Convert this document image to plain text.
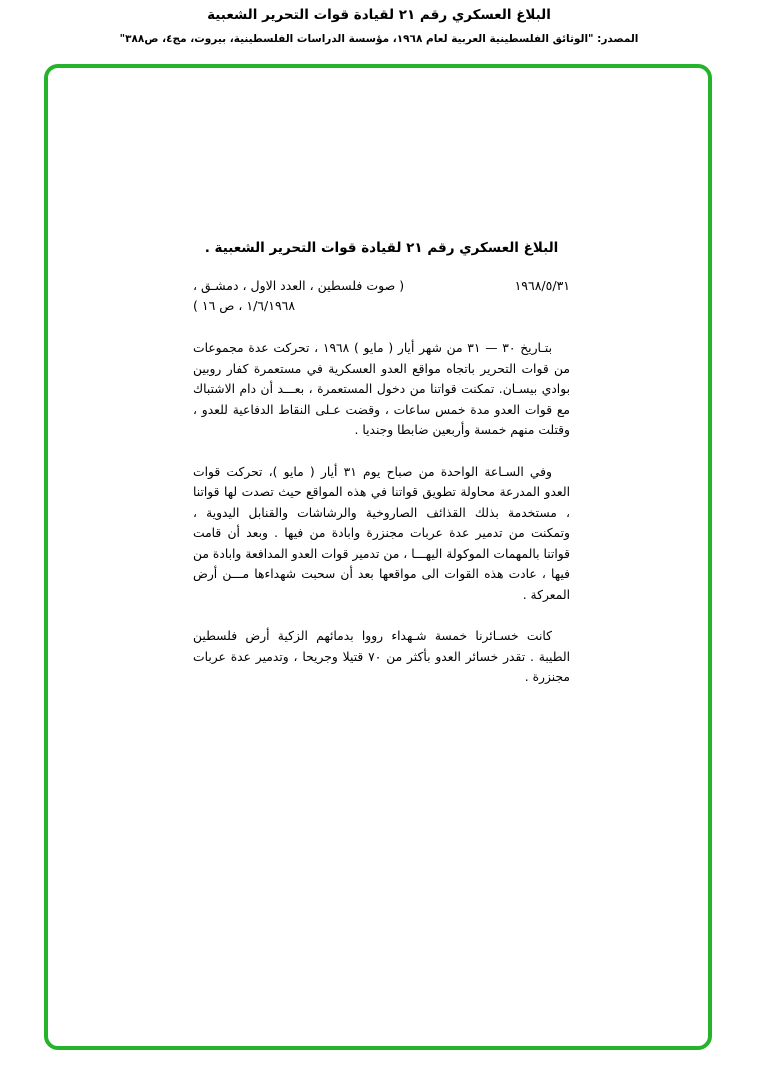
البلاغ العسكري رقم ٢١ لقيادة قوات التحرير الشعبية
المصدر: "الوثائق الفلسطينية العربية لعام ١٩٦٨، مؤسسة الدراسات الفلسطينية، بيروت، مج٤، ص٣٨٨"
البلاغ العسكري رقم ٢١ لقيادة قوات التحرير الشعبية .
١٩٦٨/٥/٣١
( صوت فلسطين ، العدد الاول ، دمشـق ، ١/٦/١٩٦٨ ، ص ١٦ )

بتـاريخ ٣٠ — ٣١ من شهر أيار ( مايو ) ١٩٦٨ ، تحركت عدة مجموعات من قوات التحرير باتجاه مواقع العدو العسكرية في مستعمرة كفار روبين بوادي بيسـان. تمكنت قواتنا من دخول المستعمرة ، بعـــد أن دام الاشتباك مع قوات العدو مدة خمس ساعات ، وقضت عـلى النقاط الدفاعية للعدو ، وقتلت منهم خمسة وأربعين ضابطا وجنديا .

وفي السـاعة الواحدة من صباح يوم ٣١ أيار ( مايو )، تحركت قوات العدو المدرعة محاولة تطويق قواتنا في هذه المواقع حيث تصدت لها قواتنا ، مستخدمة بذلك القذائف الصاروخية والرشاشات والقنابل اليدوية ، وتمكنت من تدمير عدة عربات مجنزرة وابادة من فيها . وبعد أن قامت قواتنا بالمهمات الموكولة اليهـــا ، من تدمير قوات العدو المدافعة وابادة من فيها ، عادت هذه القوات الى مواقعها بعد أن سحبت شهداءها مـــن أرض المعركة .

كانت خسـائرنا خمسة شـهداء رووا بدمائهم الزكية أرض فلسطين الطيبة . تقدر خسائر العدو بأكثر من ٧٠ قتيلا وجريحا ، وتدمير عدة عربات مجنزرة .
